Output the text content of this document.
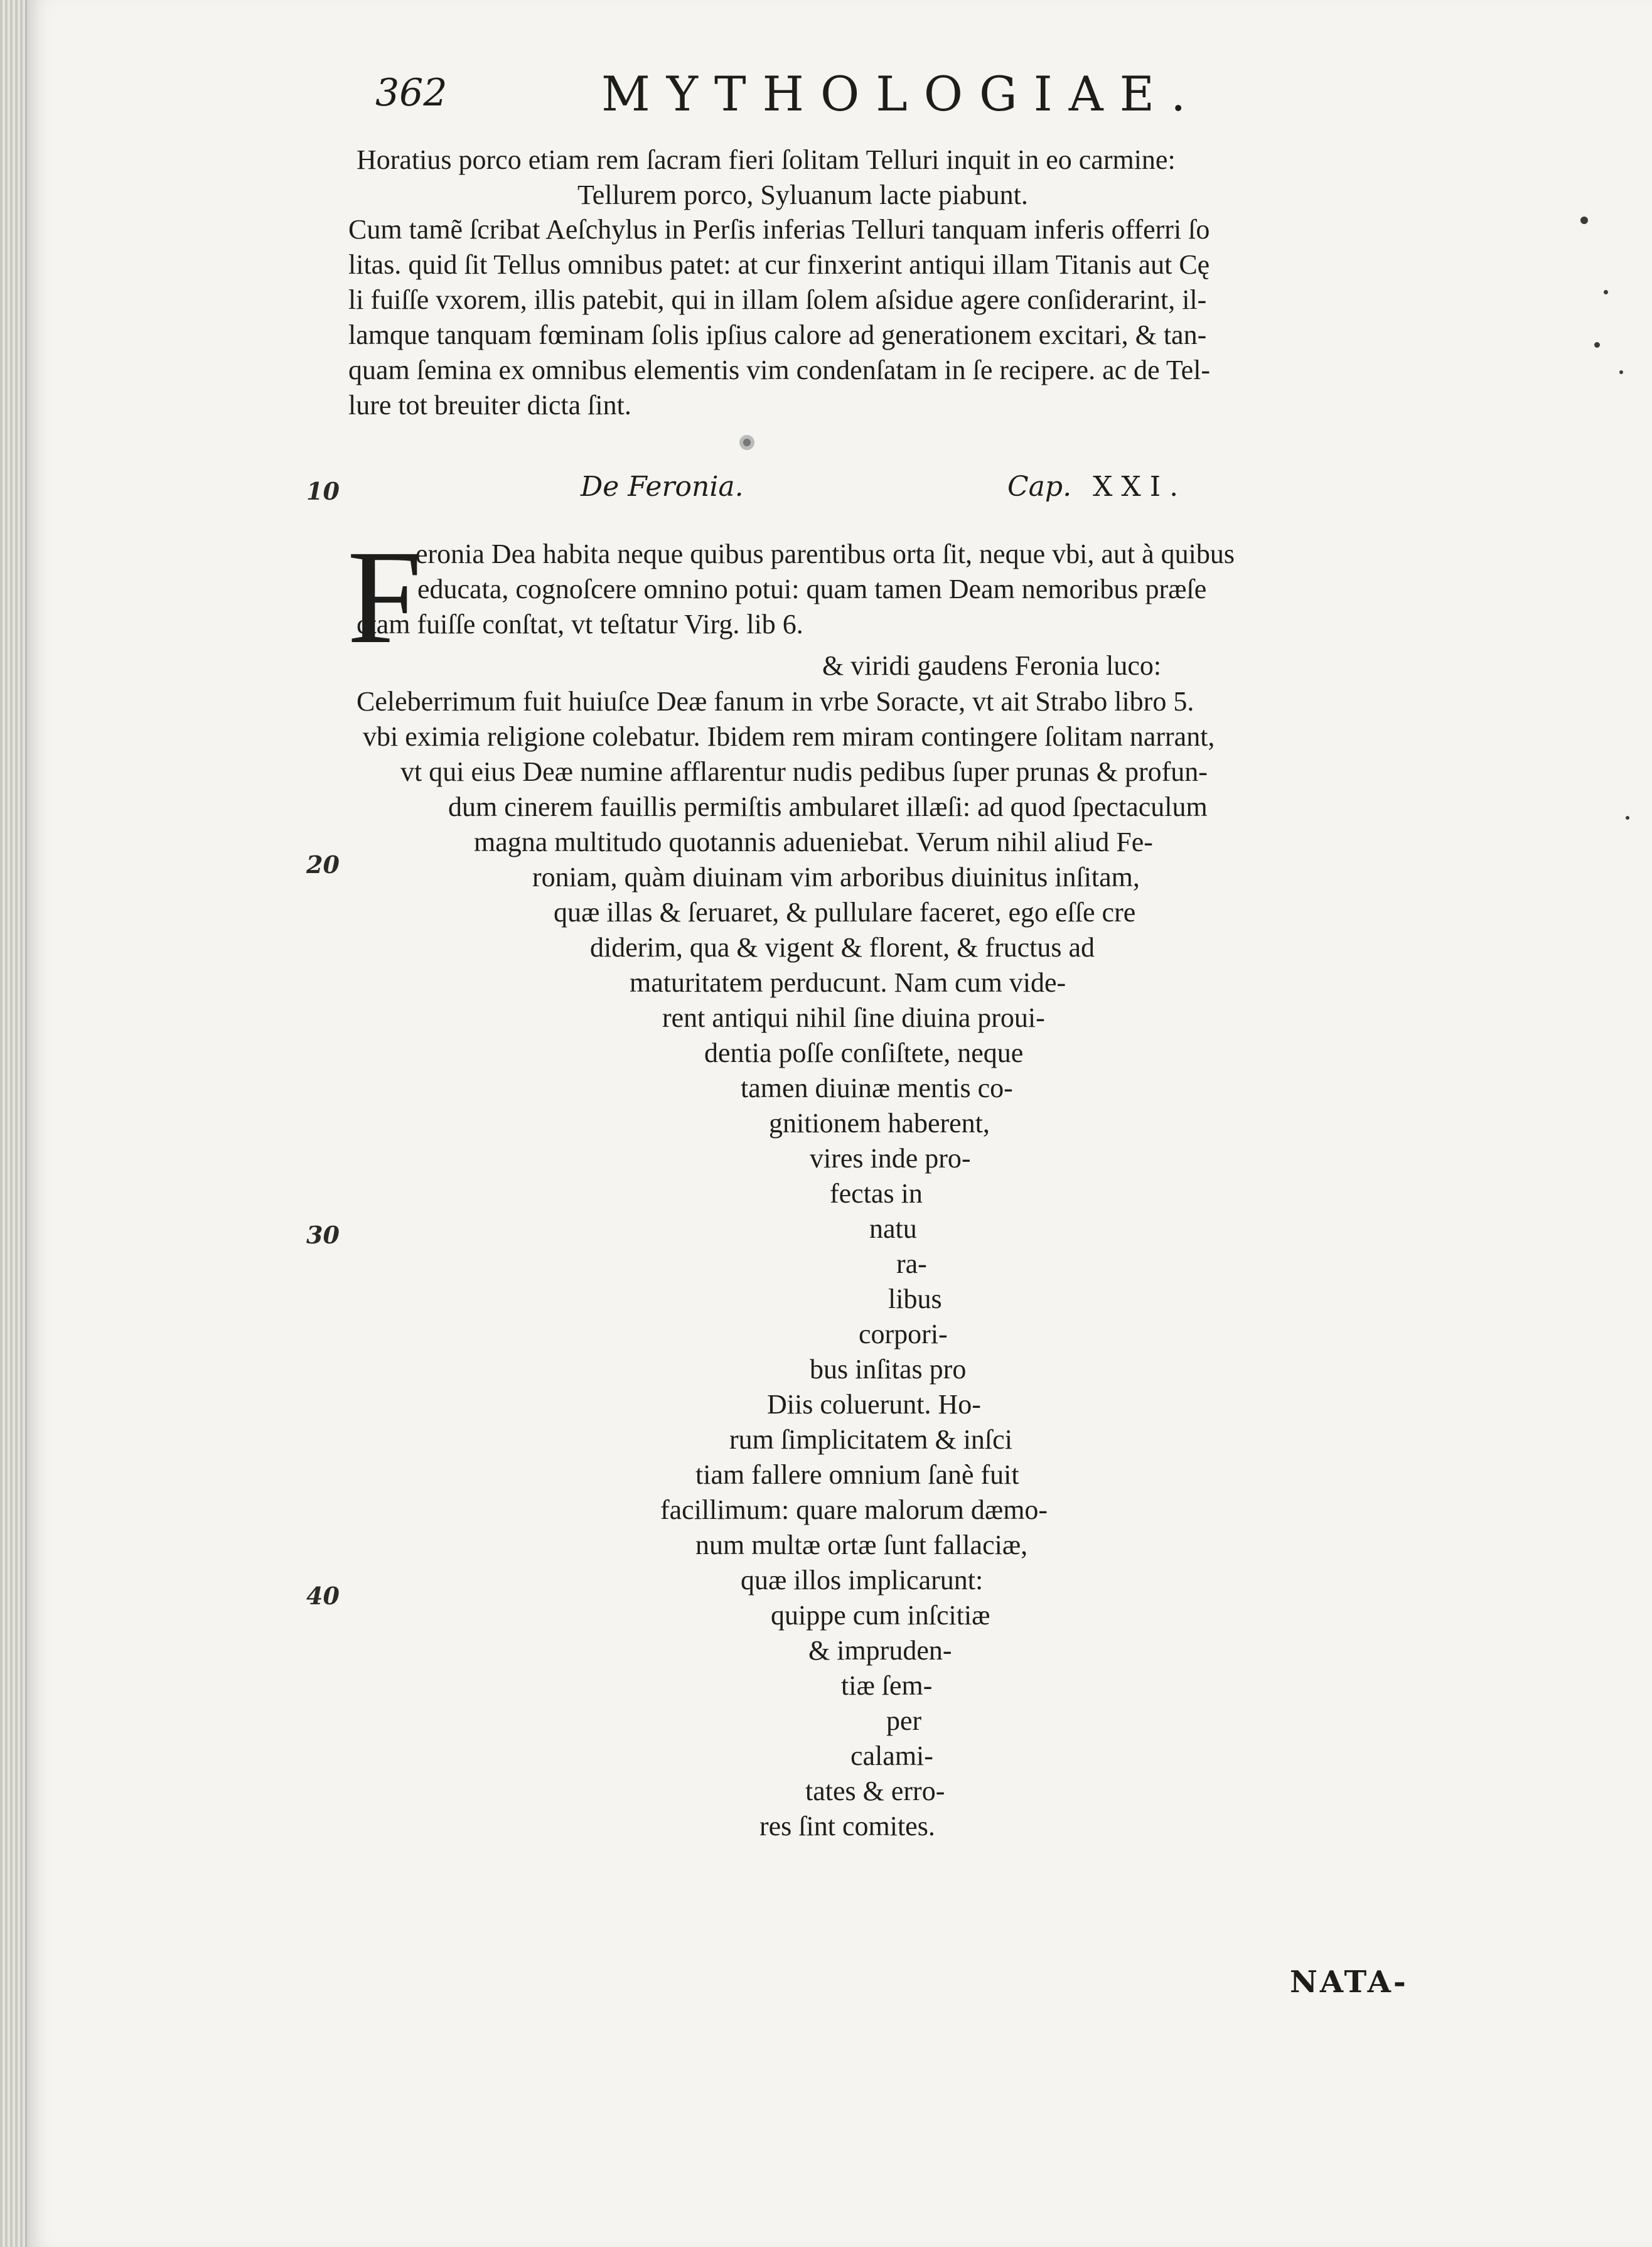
362	MYTHOLOGIAE.
Horatius porco etiam rem ſacram fieri ſolitam Telluri inquit in eo carmine:
Tellurem porco, Syluanum lacte piabunt.
Cum tamẽ ſcribat Aeſchylus in Perſis inferias Telluri tanquam inferis offerri ſo
litas. quid ſit Tellus omnibus patet: at cur finxerint antiqui illam Titanis aut Cę
li fuiſſe vxorem, illis patebit, qui in illam ſolem aſsidue agere conſiderarint, il-
lamque tanquam fœminam ſolis ipſius calore ad generationem excitari, & tan-
quam ſemina ex omnibus elementis vim condenſatam in ſe recipere. ac de Tel-
lure tot breuiter dicta ſint.
De Feronia.	Cap. XXI.
10
20
30
40
F
eronia Dea habita neque quibus parentibus orta ſit, neque vbi, aut à quibus
educata, cognoſcere omnino potui: quam tamen Deam nemoribus præſe
ctam fuiſſe conſtat, vt teſtatur Virg. lib 6.
& viridi gaudens Feronia luco:
Celeberrimum fuit huiuſce Deæ fanum in vrbe Soracte, vt ait Strabo libro 5.
vbi eximia religione colebatur. Ibidem rem miram contingere ſolitam narrant,
vt qui eius Deæ numine afflarentur nudis pedibus ſuper prunas & profun-
dum cinerem fauillis permiſtis ambularet illæſi: ad quod ſpectaculum
magna multitudo quotannis adueniebat. Verum nihil aliud Fe-
roniam, quàm diuinam vim arboribus diuinitus inſitam,
quæ illas & ſeruaret, & pullulare faceret, ego eſſe cre
diderim, qua & vigent & florent, & fructus ad
maturitatem perducunt. Nam cum vide-
rent antiqui nihil ſine diuina proui-
dentia poſſe conſiſtete, neque
tamen diuinæ mentis co-
gnitionem haberent,
vires inde pro-
fectas in
natu
ra-
libus
corpori-
bus inſitas pro
Diis coluerunt. Ho-
rum ſimplicitatem & inſci
tiam fallere omnium ſanè fuit
facillimum: quare malorum dæmo-
num multæ ortæ ſunt fallaciæ,
quæ illos implicarunt:
quippe cum inſcitiæ
& impruden-
tiæ ſem-
per
calami-
tates & erro-
res ſint comites.
NATA-
